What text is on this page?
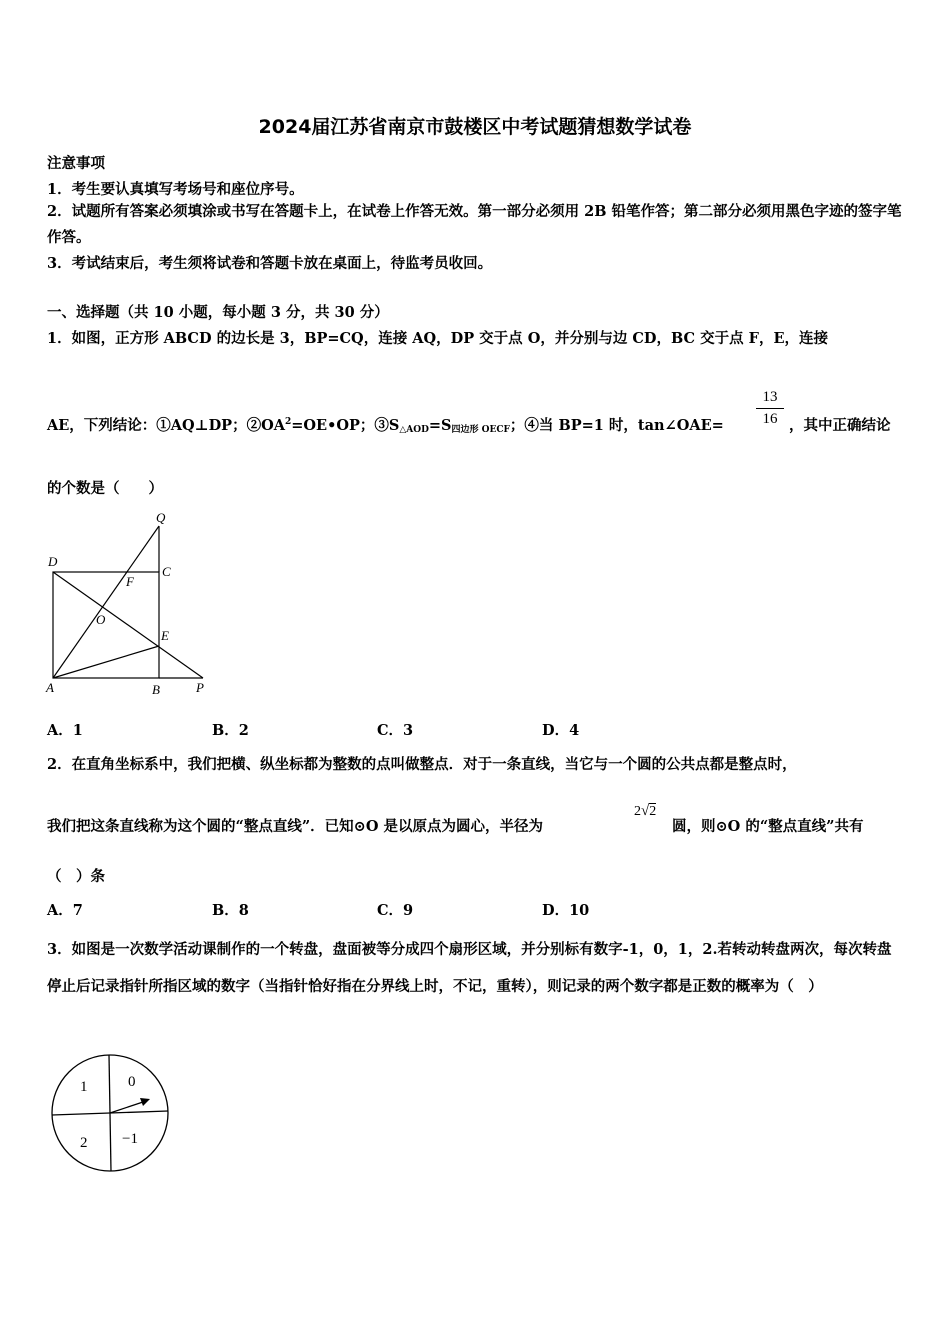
2024届江苏省南京市鼓楼区中考试题猜想数学试卷
注意事项
1．考生要认真填写考场号和座位序号。
2．试题所有答案必须填涂或书写在答题卡上，在试卷上作答无效。第一部分必须用 2B 铅笔作答；第二部分必须用黑色字迹的签字笔作答。
3．考试结束后，考生须将试卷和答题卡放在桌面上，待监考员收回。
一、选择题（共 10 小题，每小题 3 分，共 30 分）
1．如图，正方形 ABCD 的边长是 3，BP=CQ，连接 AQ，DP 交于点 O，并分别与边 CD，BC 交于点 F，E，连接
AE，下列结论：①AQ⊥DP；$②OA^2=OE•OP$；$③S_{\triangle AOD}=S_{四边形 OECF}$；④当 BP=1 时，tan∠OAE= $\frac{13}{16}$ ，其中正确结论
的个数是（　　）
Q
D
C
F
O
E
A	B	P
A．1	B．2	C．3	D．4
2．在直角坐标系中，我们把横、纵坐标都为整数的点叫做整点．对于一条直线，当它与一个圆的公共点都是整点时，
我们把这条直线称为这个圆的“整点直线”．已知⊙O 是以原点为圆心，半径为
2√2
圆，则⊙O 的“整点直线”共有
（　）条
A．7	B．8	C．9	D．10
3．如图是一次数学活动课制作的一个转盘，盘面被等分成四个扇形区域，并分别标有数字-1，0，1，2.若转动转盘两次，每次转盘停止后记录指针所指区域的数字（当指针恰好指在分界线上时，不记，重转），则记录的两个数字都是正数的概率为（　）
1	0
2 −1
